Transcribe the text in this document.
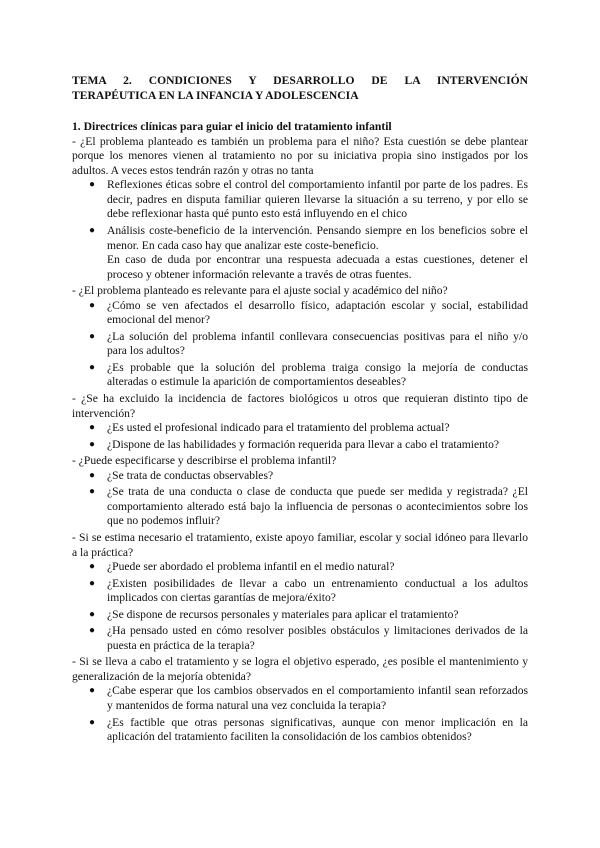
TEMA 2. CONDICIONES Y DESARROLLO DE LA INTERVENCIÓN
TERAPÉUTICA EN LA INFANCIA Y ADOLESCENCIA
1. Directrices clínicas para guiar el inicio del tratamiento infantil

- ¿El problema planteado es también un problema para el niño? Esta cuestión se debe plantear porque los menores vienen al tratamiento no por su iniciativa propia sino instigados por los adultos. A veces estos tendrán razón y otras no tanta

● Reflexiones éticas sobre el control del comportamiento infantil por parte de los padres. Es decir, padres en disputa familiar quieren llevarse la situación a su terreno, y por ello se debe reflexionar hasta qué punto esto está influyendo en el chico
● Análisis coste-beneficio de la intervención. Pensando siempre en los beneficios sobre el menor. En cada caso hay que analizar este coste-beneficio.
En caso de duda por encontrar una respuesta adecuada a estas cuestiones, detener el proceso y obtener información relevante a través de otras fuentes.

- ¿El problema planteado es relevante para el ajuste social y académico del niño?

● ¿Cómo se ven afectados el desarrollo físico, adaptación escolar y social, estabilidad emocional del menor?
● ¿La solución del problema infantil conllevara consecuencias positivas para el niño y/o para los adultos?
● ¿Es probable que la solución del problema traiga consigo la mejoría de conductas alteradas o estimule la aparición de comportamientos deseables?

- ¿Se ha excluido la incidencia de factores biológicos u otros que requieran distinto tipo de intervención?

● ¿Es usted el profesional indicado para el tratamiento del problema actual?
● ¿Dispone de las habilidades y formación requerida para llevar a cabo el tratamiento?

- ¿Puede especificarse y describirse el problema infantil?

● ¿Se trata de conductas observables?
● ¿Se trata de una conducta o clase de conducta que puede ser medida y registrada? ¿El comportamiento alterado está bajo la influencia de personas o acontecimientos sobre los que no podemos influir?

- Si se estima necesario el tratamiento, existe apoyo familiar, escolar y social idóneo para llevarlo a la práctica?

● ¿Puede ser abordado el problema infantil en el medio natural?
● ¿Existen posibilidades de llevar a cabo un entrenamiento conductual a los adultos implicados con ciertas garantías de mejora/éxito?
● ¿Se dispone de recursos personales y materiales para aplicar el tratamiento?
● ¿Ha pensado usted en cómo resolver posibles obstáculos y limitaciones derivados de la puesta en práctica de la terapia?

- Si se lleva a cabo el tratamiento y se logra el objetivo esperado, ¿es posible el mantenimiento y generalización de la mejoría obtenida?

● ¿Cabe esperar que los cambios observados en el comportamiento infantil sean reforzados y mantenidos de forma natural una vez concluida la terapia?
● ¿Es factible que otras personas significativas, aunque con menor implicación en la aplicación del tratamiento faciliten la consolidación de los cambios obtenidos?
